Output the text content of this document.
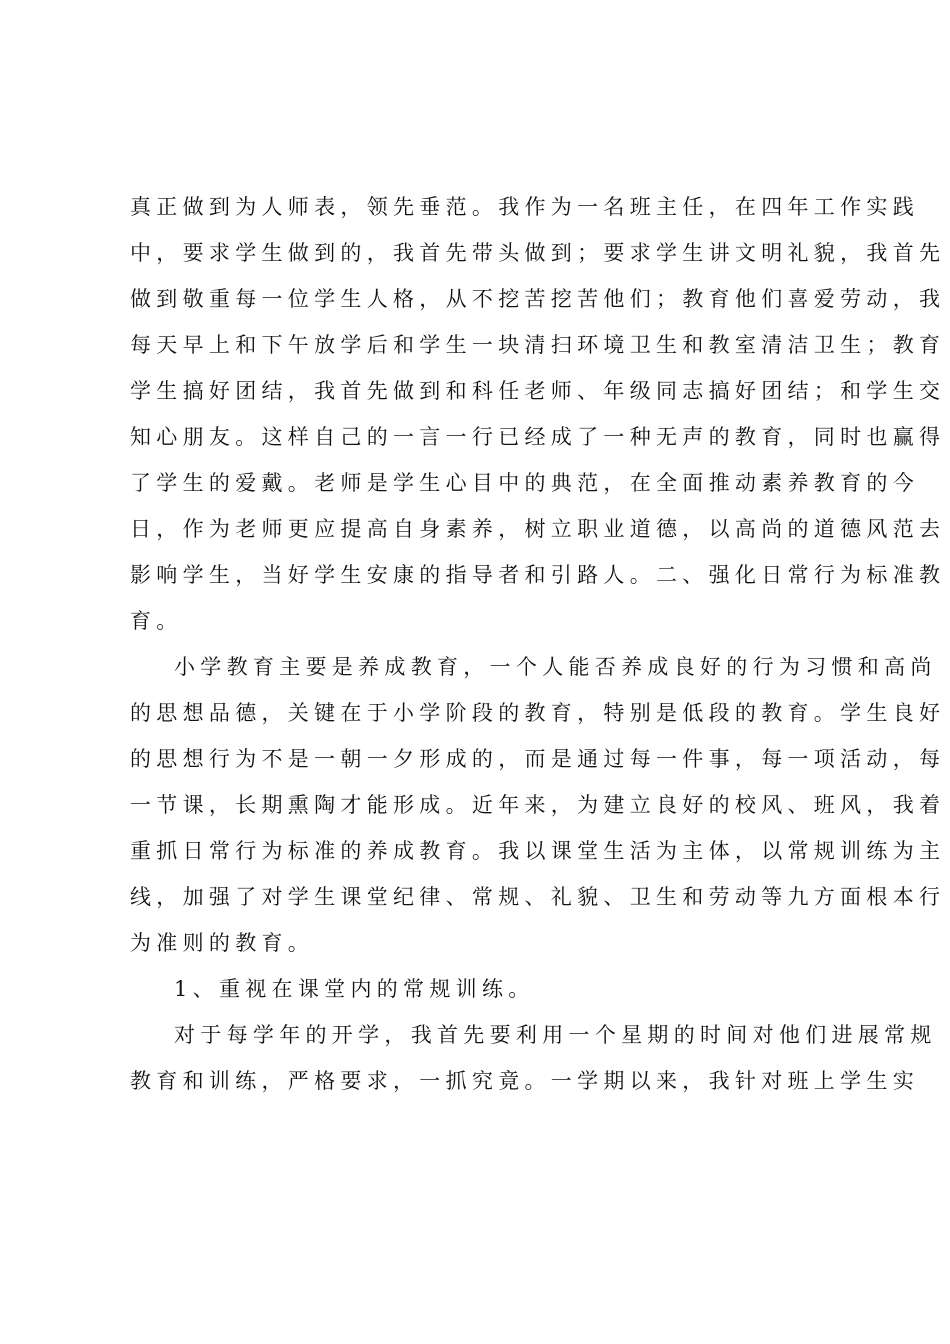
真正做到为人师表，领先垂范。我作为一名班主任，在四年工作实践
中，要求学生做到的，我首先带头做到；要求学生讲文明礼貌，我首先
做到敬重每一位学生人格，从不挖苦挖苦他们；教育他们喜爱劳动，我
每天早上和下午放学后和学生一块清扫环境卫生和教室清洁卫生；教育
学生搞好团结，我首先做到和科任老师、年级同志搞好团结；和学生交
知心朋友。这样自己的一言一行已经成了一种无声的教育，同时也赢得
了学生的爱戴。老师是学生心目中的典范，在全面推动素养教育的今
日，作为老师更应提高自身素养，树立职业道德，以高尚的道德风范去
影响学生，当好学生安康的指导者和引路人。二、强化日常行为标准教
育。

小学教育主要是养成教育，一个人能否养成良好的行为习惯和高尚
的思想品德，关键在于小学阶段的教育，特别是低段的教育。学生良好
的思想行为不是一朝一夕形成的，而是通过每一件事，每一项活动，每
一节课，长期熏陶才能形成。近年来，为建立良好的校风、班风，我着
重抓日常行为标准的养成教育。我以课堂生活为主体，以常规训练为主
线，加强了对学生课堂纪律、常规、礼貌、卫生和劳动等九方面根本行
为准则的教育。

1、重视在课堂内的常规训练。

对于每学年的开学，我首先要利用一个星期的时间对他们进展常规
教育和训练，严格要求，一抓究竟。一学期以来，我针对班上学生实
